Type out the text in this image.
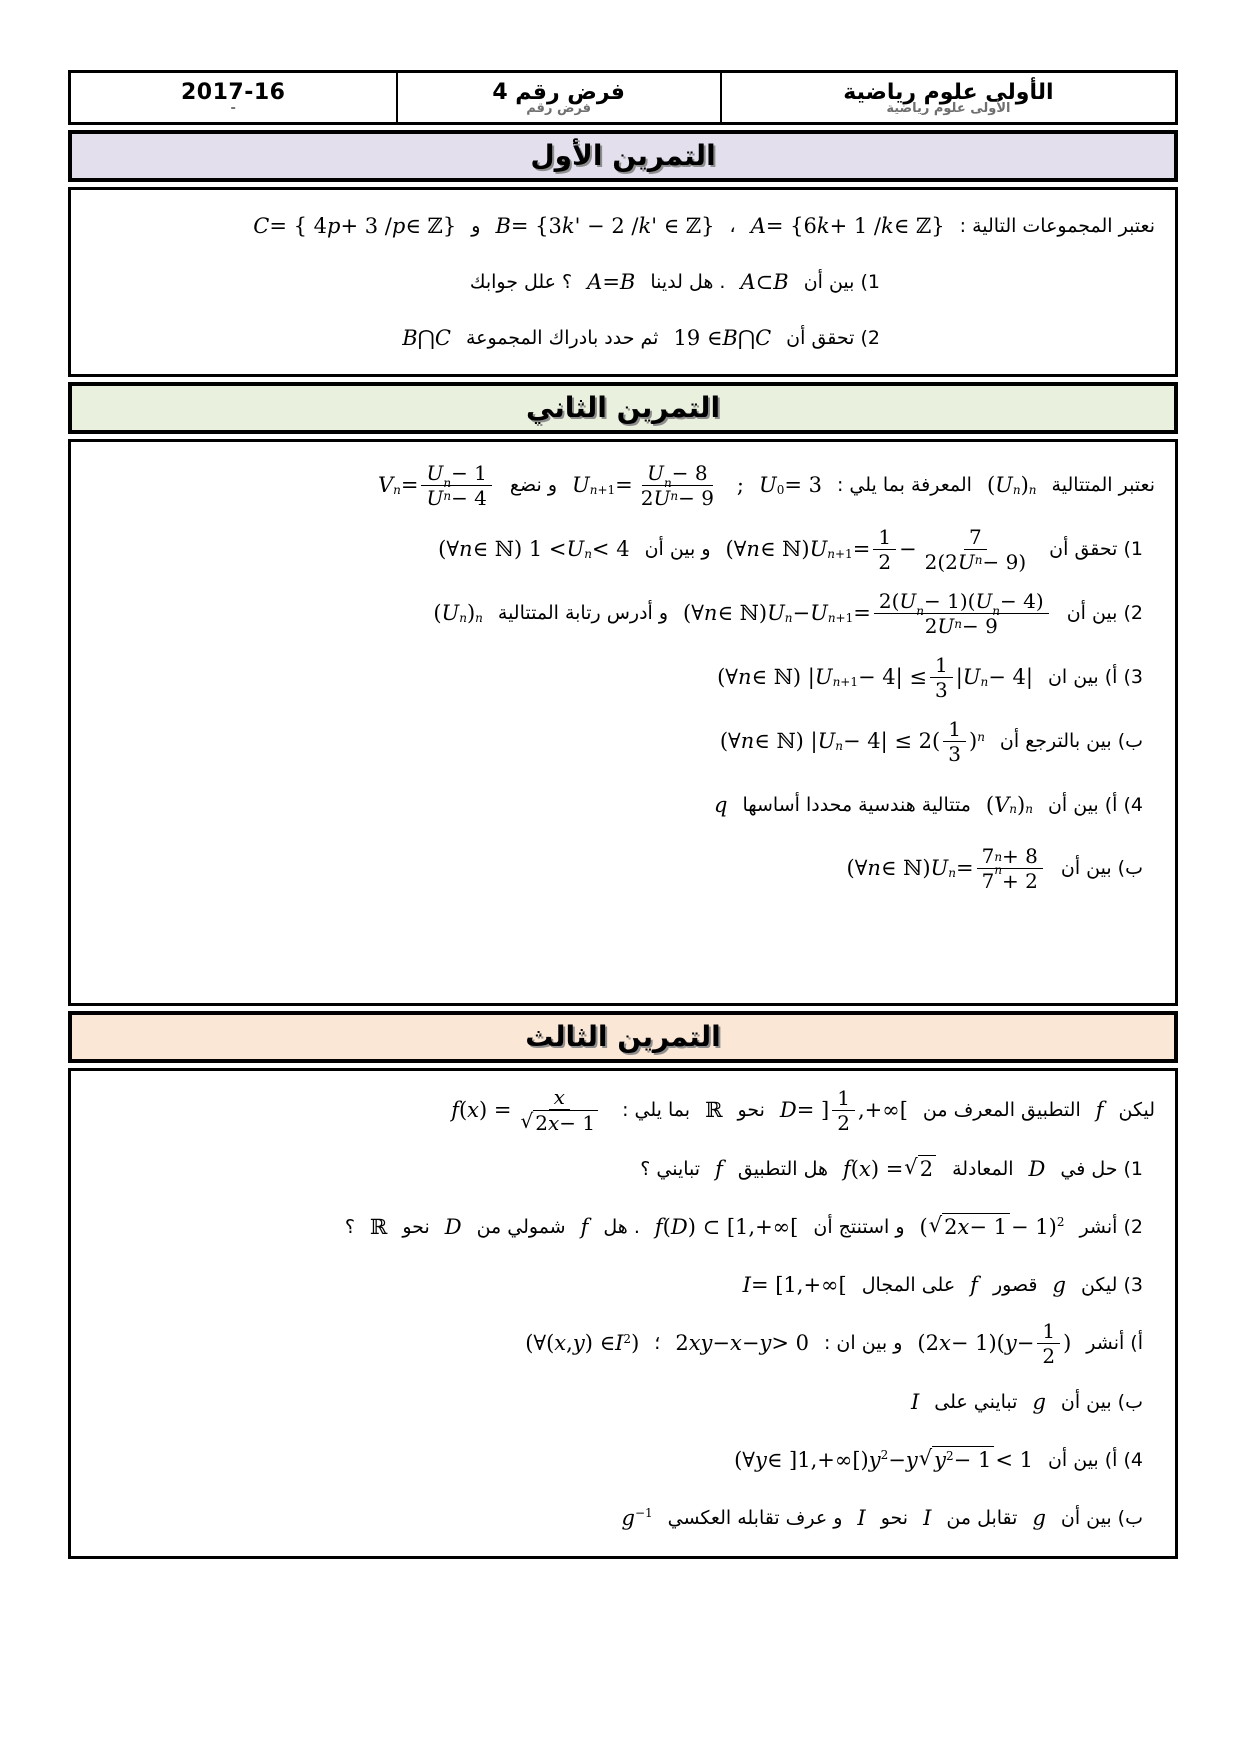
2017-16
-
فرض رقم 4
فرض رقم
الأولى علوم رياضية
الأولى علوم رياضية
التمرين الأول
نعتبر المجموعات التالية :
A = {6 k + 1 / k ∈ ℤ}
،
B = {3 k ' − 2 / k ' ∈ ℤ}
و
C = { 4 p + 3 / p ∈ ℤ}
1) بين أن
A ⊂ B
. هل لدينا
A = B
؟ علل جوابك
2) تحقق أن
19 ∈ B ⋂ C
ثم حدد بادراك المجموعة
B ⋂ C
التمرين الثاني
نعتبر المتتالية
( U n ) n
المعرفة بما يلي :
U 0 = 3
;
U $n+1 = \frac{U _n - 8}{\text{2 U n − 9}}$
و نضع
V $n = \frac{U _n - 1}{\text{U n − 4}}$
1) تحقق أن
(∀ n ∈ ℕ) U $n+1 = \frac{1}{2} - \frac{7}{\text{2(2 U n − 9)}}$
و بين أن
(∀ n ∈ ℕ) 1 < U n < 4
2) بين أن
(∀ n ∈ ℕ) U n − U $n+1 = \frac{2( U _n - 1)( U _n - 4)}{\text{2 U n − 9}}$
و أدرس رتابة المتتالية
( U n ) n
3) أ) بين ان
(∀ n ∈ ℕ) | U $n+1 - 4| \le \frac{1}{3}$ | U n − 4|
ب) بين بالترجع أن
(∀ n ∈ ℕ) | U $n - 4| \le 2( \frac{1}{3}$ ) $^n$
4) أ) بين أن
( V n ) n
متتالية هندسية محددا أساسها
q
ب) بين أن
(∀ n ∈ ℕ) U $n = \frac{7 n + 8}{7 ^n + 2}$
التمرين الثالث
ليكن
f
التطبيق المعرف من
D = ] $\frac{1}{2}$ ,+∞[
نحو
ℝ
بما يلي :
f ( x ) = $\frac{x}{√ 2 x - 1}$
1) حل في
D
المعادلة
f ( x ) = √ 2
هل التطبيق
f
تبايني ؟
2) أنشر
( √ 2 x − 1 − 1) $^2$
و استنتج أن
f ( D ) ⊂ [1,+∞[
. هل
f
شمولي من
D
نحو
ℝ
؟
3) ليكن
g
قصور
f
على المجال
I = [1,+∞[
أ) أنشر
(2 x − 1)( $y - \frac{1}{2}$ )
و بين ان :
2 xy − x − y > 0
؛
(∀( x , y ) ∈ I $^2$ )
ب) بين أن
g
تبايني على
I
4) أ) بين أن
(∀ y ∈ ]1,+∞[) y $^2$ − y √ y $^2$ − 1 < 1
ب) بين أن
g
تقابل من
I
نحو
I
و عرف تقابله العكسي
g $^{-1}$
